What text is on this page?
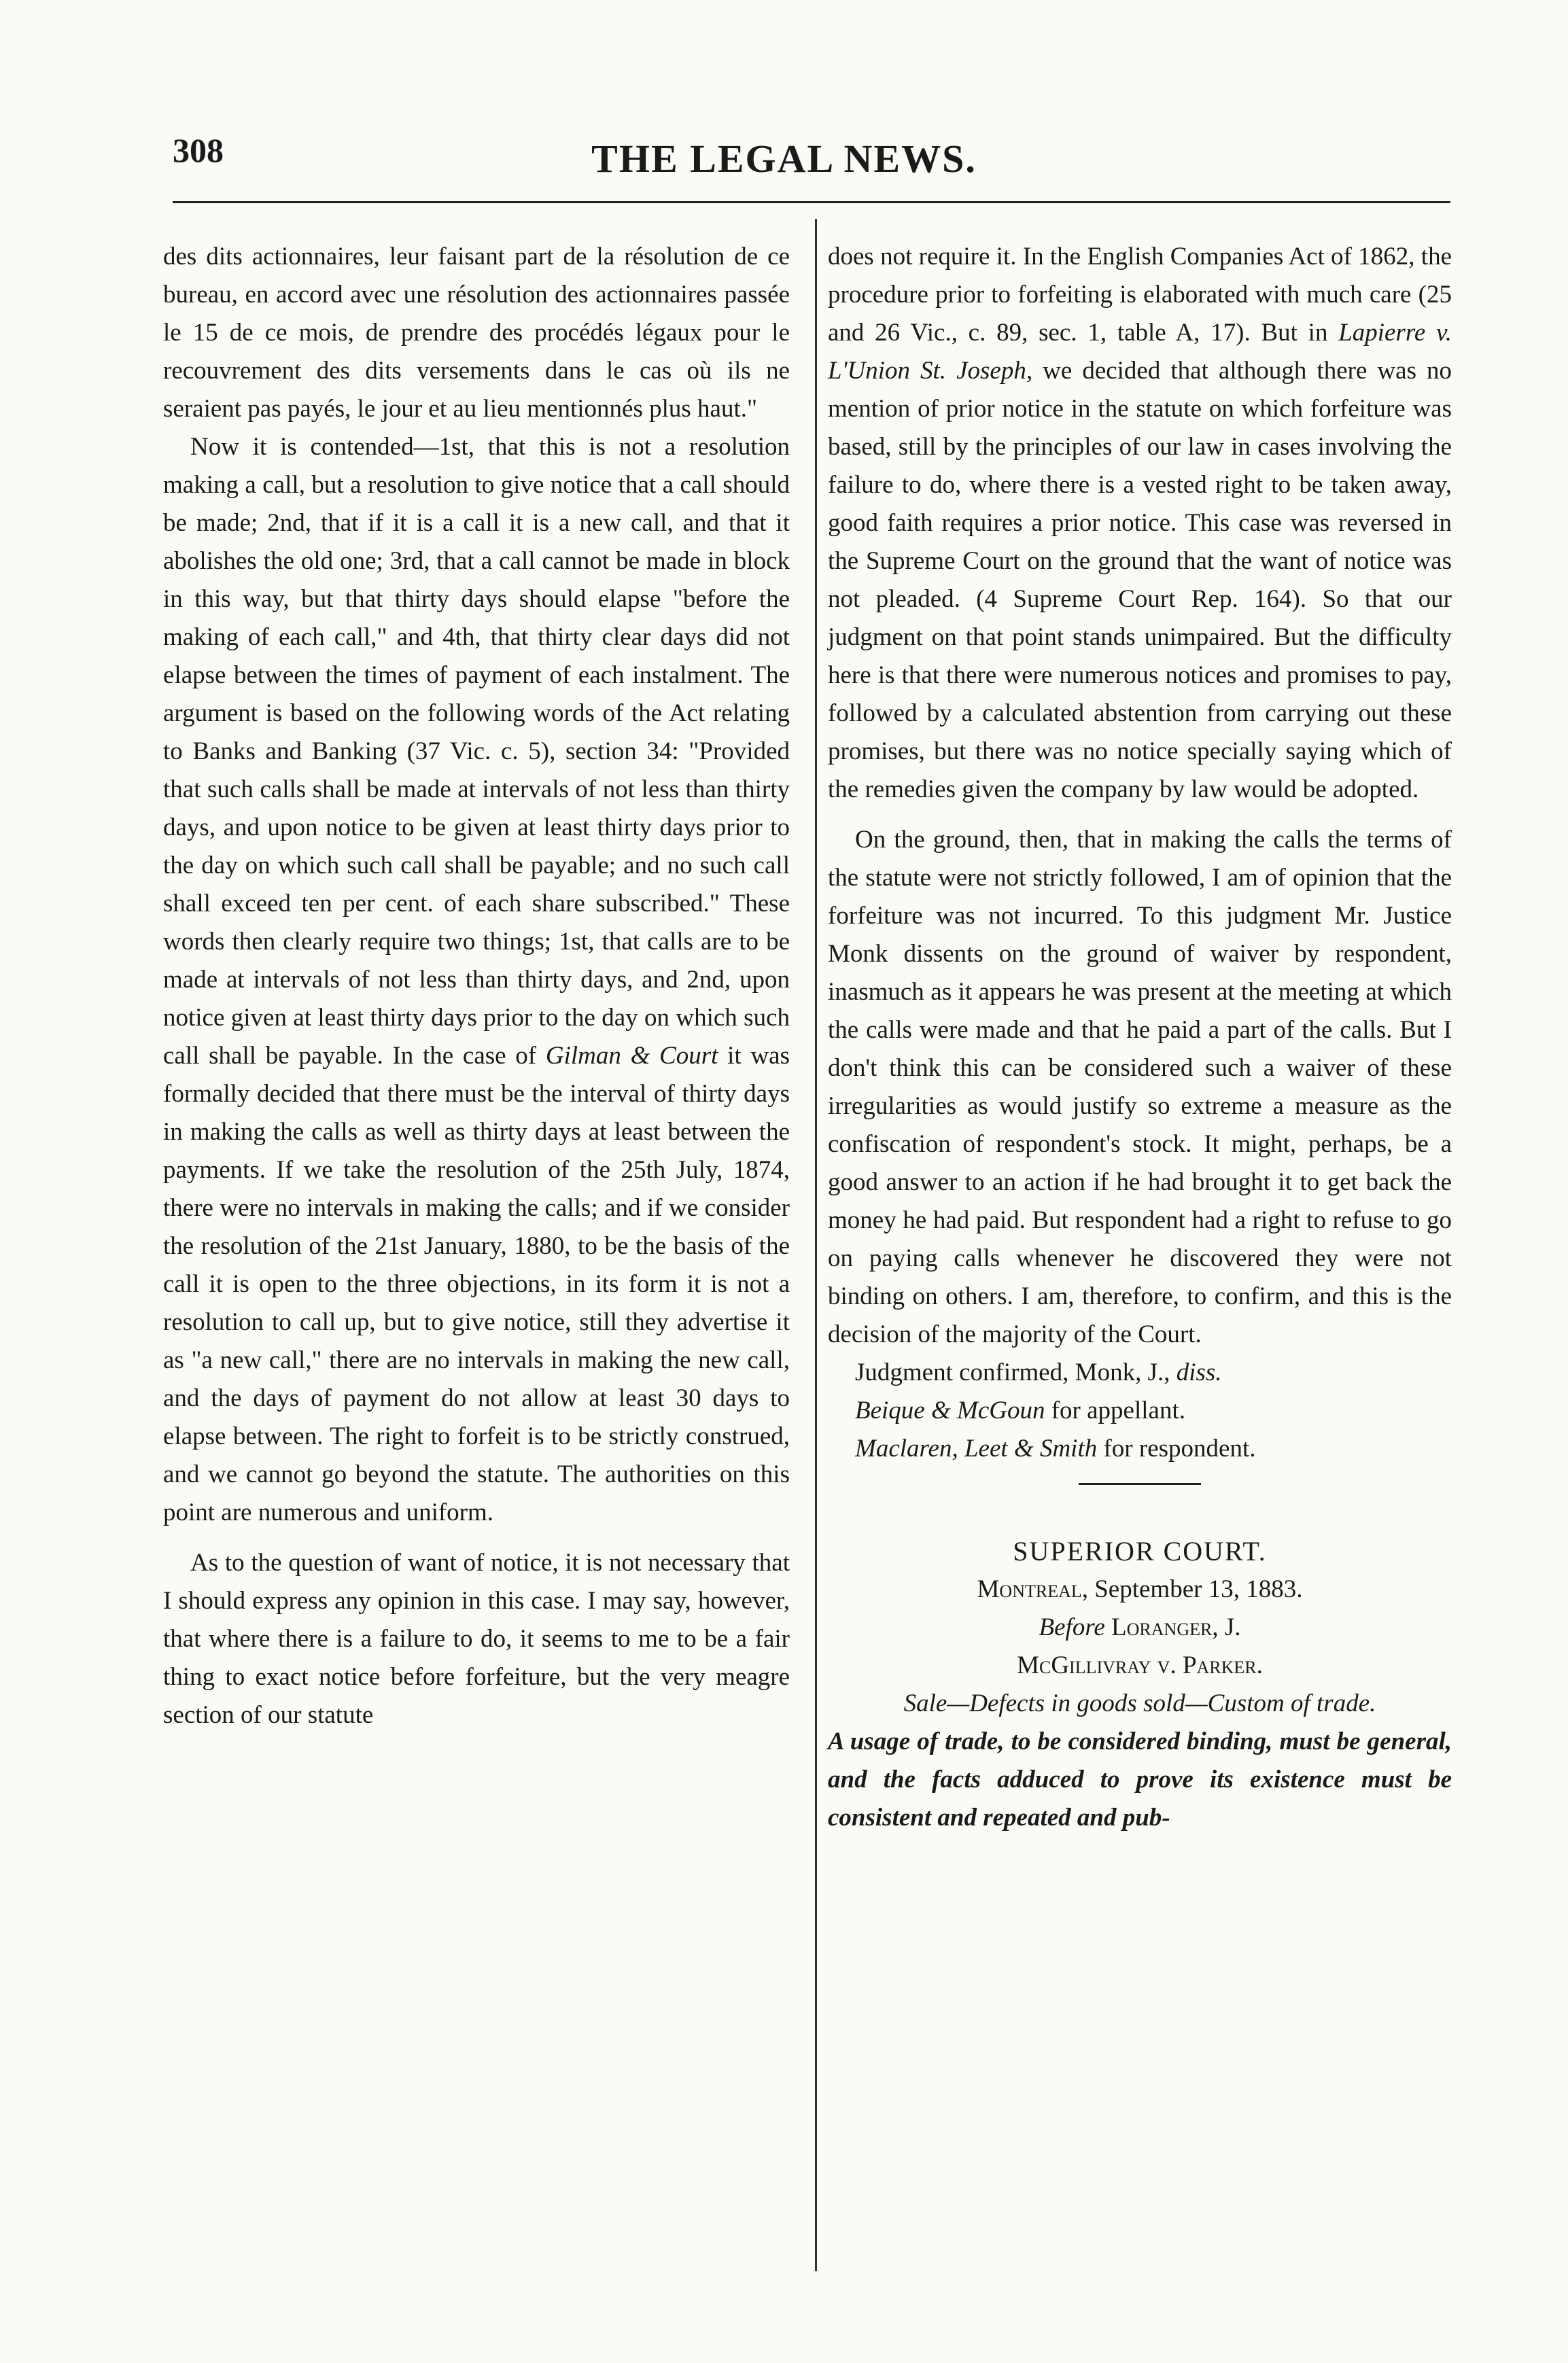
308	THE LEGAL NEWS.

des dits actionnaires, leur faisant part de la résolution de ce bureau, en accord avec une résolution des actionnaires passée le 15 de ce mois, de prendre des procédés légaux pour le recouvrement des dits versements dans le cas où ils ne seraient pas payés, le jour et au lieu mentionnés plus haut."

Now it is contended—1st, that this is not a resolution making a call, but a resolution to give notice that a call should be made; 2nd, that if it is a call it is a new call, and that it abolishes the old one; 3rd, that a call cannot be made in block in this way, but that thirty days should elapse "before the making of each call," and 4th, that thirty clear days did not elapse between the times of payment of each instalment. The argument is based on the following words of the Act relating to Banks and Banking (37 Vic. c. 5), section 34: "Provided that such calls shall be made at intervals of not less than thirty days, and upon notice to be given at least thirty days prior to the day on which such call shall be payable; and no such call shall exceed ten per cent. of each share subscribed." These words then clearly require two things; 1st, that calls are to be made at intervals of not less than thirty days, and 2nd, upon notice given at least thirty days prior to the day on which such call shall be payable. In the case of Gilman & Court it was formally decided that there must be the interval of thirty days in making the calls as well as thirty days at least between the payments. If we take the resolution of the 25th July, 1874, there were no intervals in making the calls; and if we consider the resolution of the 21st January, 1880, to be the basis of the call it is open to the three objections, in its form it is not a resolution to call up, but to give notice, still they advertise it as "a new call," there are no intervals in making the new call, and the days of payment do not allow at least 30 days to elapse between. The right to forfeit is to be strictly construed, and we cannot go beyond the statute. The authorities on this point are numerous and uniform.

As to the question of want of notice, it is not necessary that I should express any opinion in this case. I may say, however, that where there is a failure to do, it seems to me to be a fair thing to exact notice before forfeiture, but the very meagre section of our statute

does not require it. In the English Companies Act of 1862, the procedure prior to forfeiting is elaborated with much care (25 and 26 Vic., c. 89, sec. 1, table A, 17). But in Lapierre v. L'Union St. Joseph, we decided that although there was no mention of prior notice in the statute on which forfeiture was based, still by the principles of our law in cases involving the failure to do, where there is a vested right to be taken away, good faith requires a prior notice. This case was reversed in the Supreme Court on the ground that the want of notice was not pleaded. (4 Supreme Court Rep. 164). So that our judgment on that point stands unimpaired. But the difficulty here is that there were numerous notices and promises to pay, followed by a calculated abstention from carrying out these promises, but there was no notice specially saying which of the remedies given the company by law would be adopted.

On the ground, then, that in making the calls the terms of the statute were not strictly followed, I am of opinion that the forfeiture was not incurred. To this judgment Mr. Justice Monk dissents on the ground of waiver by respondent, inasmuch as it appears he was present at the meeting at which the calls were made and that he paid a part of the calls. But I don't think this can be considered such a waiver of these irregularities as would justify so extreme a measure as the confiscation of respondent's stock. It might, perhaps, be a good answer to an action if he had brought it to get back the money he had paid. But respondent had a right to refuse to go on paying calls whenever he discovered they were not binding on others. I am, therefore, to confirm, and this is the decision of the majority of the Court.

Judgment confirmed, Monk, J., diss.

Beique & McGoun for appellant.

Maclaren, Leet & Smith for respondent.

SUPERIOR COURT.

Montreal, September 13, 1883.

Before Loranger, J.

McGillivray v. Parker.

Sale—Defects in goods sold—Custom of trade.

A usage of trade, to be considered binding, must be general, and the facts adduced to prove its existence must be consistent and repeated and pub-
